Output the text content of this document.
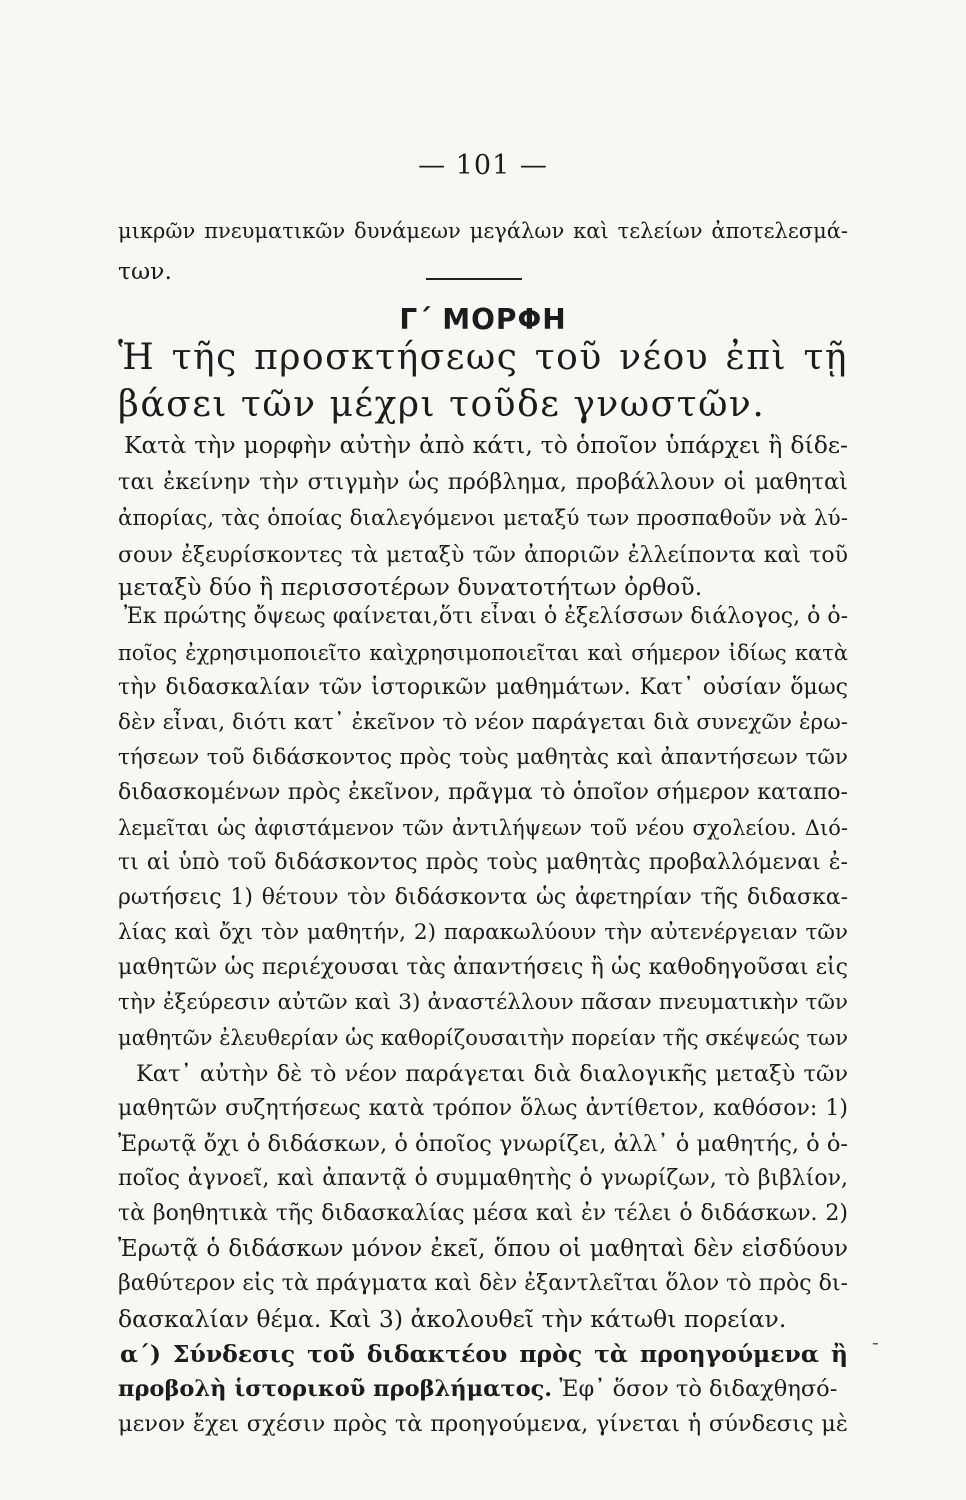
— 101 —
μικρῶν πνευματικῶν δυνάμεων μεγάλων καὶ τελείων ἀποτελεσμά-
των.
Γ΄ ΜΟΡΦΗ
Ἡ τῆς προσκτήσεως τοῦ νέου ἐπὶ τῇ
βάσει τῶν μέχρι τοῦδε γνωστῶν.
Κατὰ τὴν μορφὴν αὐτὴν ἀπὸ κάτι, τὸ ὁποῖον ὑπάρχει ἢ δίδε-
ται ἐκείνην τὴν στιγμὴν ὡς πρόβλημα, προβάλλουν οἱ μαθηταὶ
ἀπορίας, τὰς ὁποίας διαλεγόμενοι μεταξύ των προσπαθοῦν νὰ λύ-
σουν ἐξευρίσκοντες τὰ μεταξὺ τῶν ἀποριῶν ἐλλείποντα καὶ τοῦ
μεταξὺ δύο ἢ περισσοτέρων δυνατοτήτων ὀρθοῦ.
Ἐκ πρώτης ὄψεως φαίνεται,ὅτι εἶναι ὁ ἐξελίσσων διάλογος, ὁ ὁ-
ποῖος ἐχρησιμοποιεῖτο καὶχρησιμοποιεῖται καὶ σήμερον ἰδίως κατὰ
τὴν διδασκαλίαν τῶν ἱστορικῶν μαθημάτων. Κατ᾽ οὐσίαν ὅμως
δὲν εἶναι, διότι κατ᾽ ἐκεῖνον τὸ νέον παράγεται διὰ συνεχῶν ἐρω-
τήσεων τοῦ διδάσκοντος πρὸς τοὺς μαθητὰς καὶ ἀπαντήσεων τῶν
διδασκομένων πρὸς ἐκεῖνον, πρᾶγμα τὸ ὁποῖον σήμερον καταπο-
λεμεῖται ὡς ἀφιστάμενον τῶν ἀντιλήψεων τοῦ νέου σχολείου. Διό-
τι αἱ ὑπὸ τοῦ διδάσκοντος πρὸς τοὺς μαθητὰς προβαλλόμεναι ἐ-
ρωτήσεις 1) θέτουν τὸν διδάσκοντα ὡς ἀφετηρίαν τῆς διδασκα-
λίας καὶ ὄχι τὸν μαθητήν, 2) παρακωλύουν τὴν αὐτενέργειαν τῶν
μαθητῶν ὡς περιέχουσαι τὰς ἀπαντήσεις ἢ ὡς καθοδηγοῦσαι εἰς
τὴν ἐξεύρεσιν αὐτῶν καὶ 3) ἀναστέλλουν πᾶσαν πνευματικὴν τῶν
μαθητῶν ἐλευθερίαν ὡς καθορίζουσαιτὴν πορείαν τῆς σκέψεώς των
Κατ᾽ αὐτὴν δὲ τὸ νέον παράγεται διὰ διαλογικῆς μεταξὺ τῶν
μαθητῶν συζητήσεως κατὰ τρόπον ὅλως ἀντίθετον, καθόσον: 1)
Ἐρωτᾷ ὄχι ὁ διδάσκων, ὁ ὁποῖος γνωρίζει, ἀλλ᾽ ὁ μαθητής, ὁ ὁ-
ποῖος ἀγνοεῖ, καὶ ἀπαντᾷ ὁ συμμαθητὴς ὁ γνωρίζων, τὸ βιβλίον,
τὰ βοηθητικὰ τῆς διδασκαλίας μέσα καὶ ἐν τέλει ὁ διδάσκων. 2)
Ἐρωτᾷ ὁ διδάσκων μόνον ἐκεῖ, ὅπου οἱ μαθηταὶ δὲν εἰσδύουν
βαθύτερον εἰς τὰ πράγματα καὶ δὲν ἐξαντλεῖται ὅλον τὸ πρὸς δι-
δασκαλίαν θέμα. Καὶ 3) ἀκολουθεῖ τὴν κάτωθι πορείαν.
α΄) Σύνδεσις τοῦ διδακτέου πρὸς τὰ προηγούμενα ἢ
προβολὴ ἱστορικοῦ προβλήματος. Ἐφ᾽ ὅσον τὸ διδαχθησό-
μενον ἔχει σχέσιν πρὸς τὰ προηγούμενα, γίνεται ἡ σύνδεσις μὲ
‐
